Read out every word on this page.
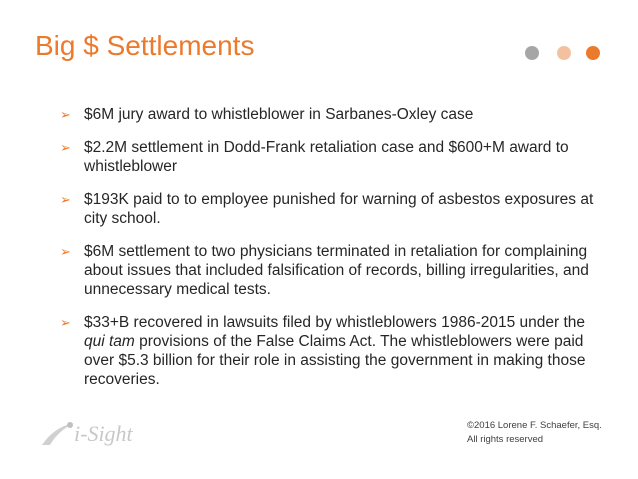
Big $ Settlements
➢ $6M jury award to whistleblower in Sarbanes-Oxley case
➢ $2.2M settlement in Dodd-Frank retaliation case and $600+M award to whistleblower
➢ $193K paid to to employee punished for warning of asbestos exposures at city school.
➢ $6M settlement to two physicians terminated in retaliation for complaining about issues that included falsification of records, billing irregularities, and unnecessary medical tests.
➢ $33+B recovered in lawsuits filed by whistleblowers 1986-2015 under the qui tam provisions of the False Claims Act. The whistleblowers were paid over $5.3 billion for their role in assisting the government in making those recoveries.
i-Sight	©2016 Lorene F. Schaefer, Esq.
All rights reserved
